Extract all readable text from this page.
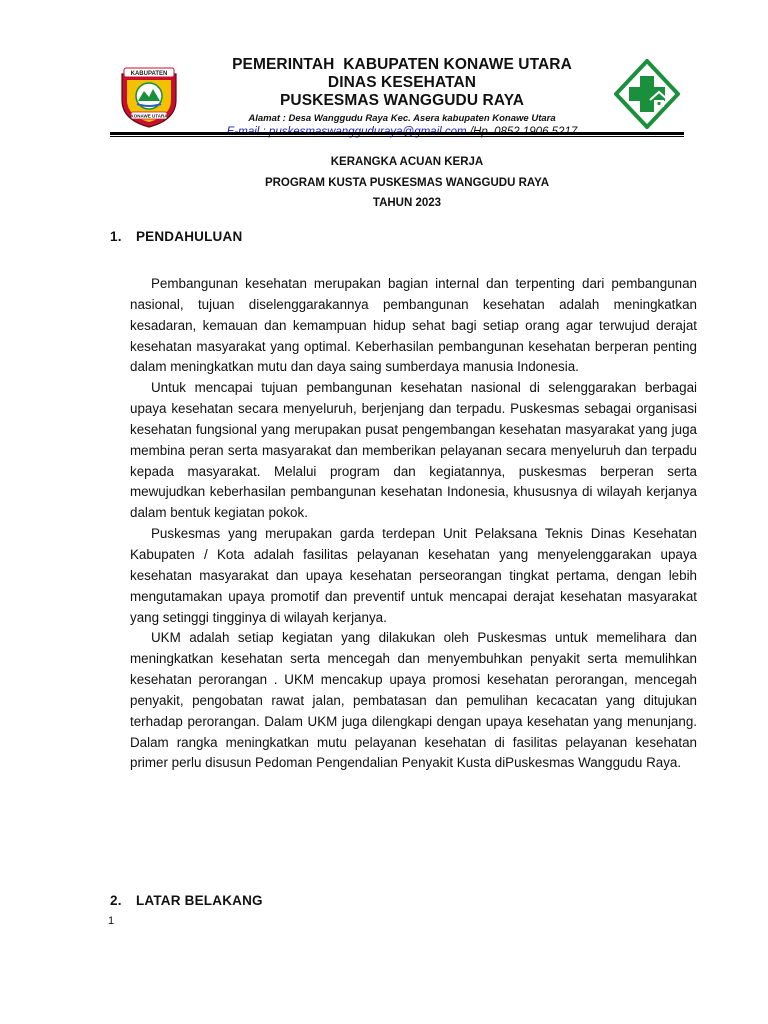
KABUPATEN
KONAWE UTARA
PEMERINTAH  KABUPATEN KONAWE UTARA
DINAS KESEHATAN
PUSKESMAS WANGGUDU RAYA
Alamat : Desa Wanggudu Raya Kec. Asera kabupaten Konawe Utara
KERANGKA ACUAN KERJA
PROGRAM KUSTA PUSKESMAS WANGGUDU RAYA
TAHUN 2023
1. PENDAHULUAN

Pembangunan kesehatan merupakan bagian internal dan terpenting dari pembangunan nasional, tujuan diselenggarakannya pembangunan kesehatan adalah meningkatkan kesadaran, kemauan dan kemampuan hidup sehat bagi setiap orang agar terwujud derajat kesehatan masyarakat yang optimal. Keberhasilan pembangunan kesehatan berperan penting dalam meningkatkan mutu dan daya saing sumberdaya manusia Indonesia.

Untuk mencapai tujuan pembangunan kesehatan nasional di selenggarakan berbagai upaya kesehatan secara menyeluruh, berjenjang dan terpadu. Puskesmas sebagai organisasi kesehatan fungsional yang merupakan pusat pengembangan kesehatan masyarakat yang juga membina peran serta masyarakat dan memberikan pelayanan secara menyeluruh dan terpadu kepada masyarakat. Melalui program dan kegiatannya, puskesmas berperan serta mewujudkan keberhasilan pembangunan kesehatan Indonesia, khususnya di wilayah kerjanya dalam bentuk kegiatan pokok.

Puskesmas yang merupakan garda terdepan Unit Pelaksana Teknis Dinas Kesehatan Kabupaten / Kota adalah fasilitas pelayanan kesehatan yang menyelenggarakan upaya kesehatan masyarakat dan upaya kesehatan perseorangan tingkat pertama, dengan lebih mengutamakan upaya promotif dan preventif untuk mencapai derajat kesehatan masyarakat yang setinggi tingginya di wilayah kerjanya.

UKM adalah setiap kegiatan yang dilakukan oleh Puskesmas untuk memelihara dan meningkatkan kesehatan serta mencegah dan menyembuhkan penyakit serta memulihkan kesehatan perorangan . UKM mencakup upaya promosi kesehatan perorangan, mencegah penyakit, pengobatan rawat jalan, pembatasan dan pemulihan kecacatan yang ditujukan terhadap perorangan. Dalam UKM juga dilengkapi dengan upaya kesehatan yang menunjang. Dalam rangka meningkatkan mutu pelayanan kesehatan di fasilitas pelayanan kesehatan primer perlu disusun Pedoman Pengendalian Penyakit Kusta diPuskesmas Wanggudu Raya.

2. LATAR BELAKANG
1
